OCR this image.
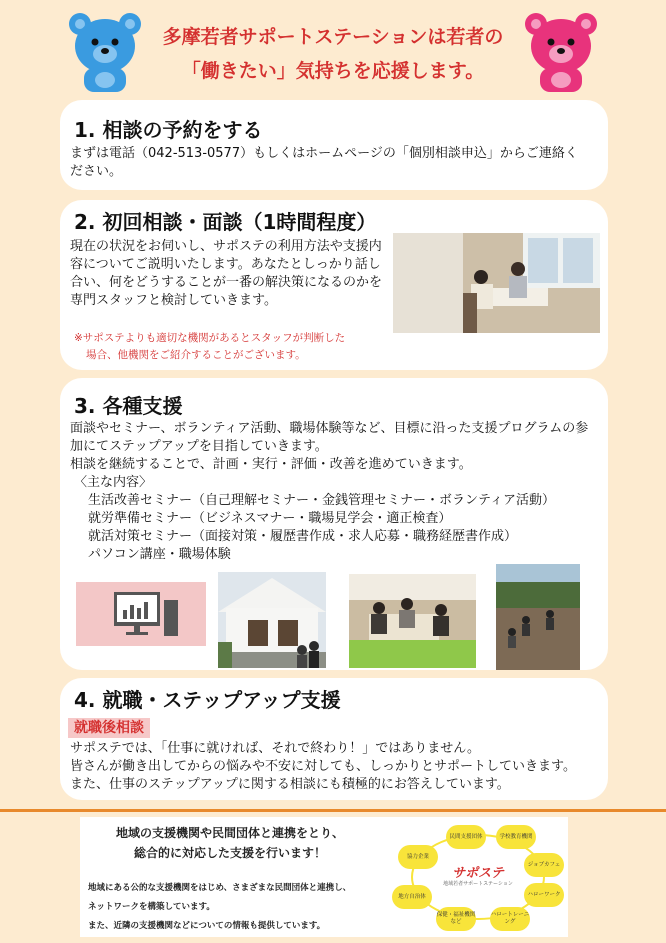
多摩若者サポートステーションは若者の
「働きたい」気持ちを応援します。
1. 相談の予約をする
まずは電話（042-513-0577）もしくはホームページの「個別相談申込」からご連絡ください。
2. 初回相談・面談（1時間程度）
現在の状況をお伺いし、サポステの利用方法や支援内容についてご説明いたします。あなたとしっかり話し合い、何をどうすることが一番の解決策になるのかを専門スタッフと検討していきます。
※サポステよりも適切な機関があるとスタッフが判断した
場合、他機関をご紹介することがございます。
3. 各種支援
面談やセミナー、ボランティア活動、職場体験等など、目標に沿った支援プログラムの参加にてステップアップを目指していきます。
相談を継続することで、計画・実行・評価・改善を進めていきます。
〈主な内容〉
生活改善セミナー（自己理解セミナー・金銭管理セミナー・ボランティア活動）
就労準備セミナー（ビジネスマナー・職場見学会・適正検査）
就活対策セミナー（面接対策・履歴書作成・求人応募・職務経歴書作成）
パソコン講座・職場体験
4. 就職・ステップアップ支援
就職後相談
サポステでは、「仕事に就ければ、それで終わり！」ではありません。
皆さんが働き出してからの悩みや不安に対しても、しっかりとサポートしていきます。
また、仕事のステップアップに関する相談にも積極的にお答えしています。
地域の支援機関や民間団体と連携をとり、
総合的に対応した支援を行います！
地域にある公的な支援機関をはじめ、さまざまな民間団体と連携し、
ネットワークを構築しています。
また、近隣の支援機関などについての情報も提供しています。
サポステ
地域若者サポートステーション
民間支援団体	学校教育機関
ジョブカフェ
ハローワーク
ハロートレーニング
保健・福祉機関など
地方自治体
協力企業
